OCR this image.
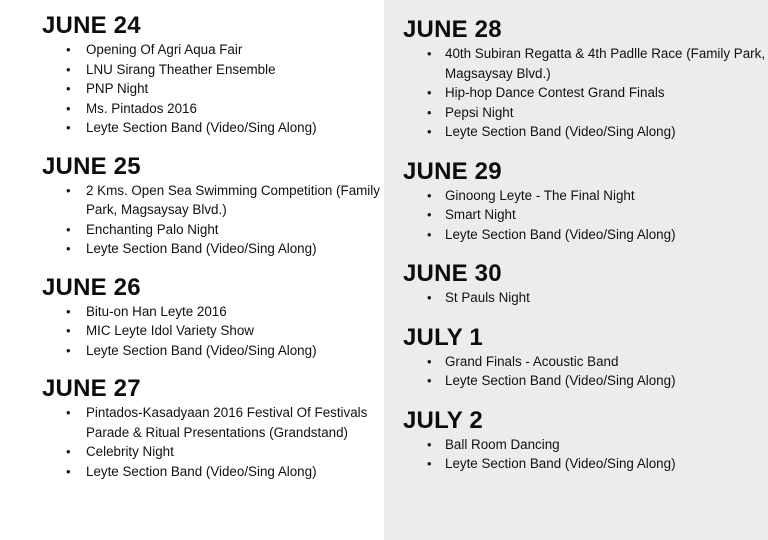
JUNE 24
• Opening Of Agri Aqua Fair
• LNU Sirang Theather Ensemble
• PNP Night
• Ms. Pintados 2016
• Leyte Section Band (Video/Sing Along)
JUNE 25
• 2 Kms. Open Sea Swimming Competition (Family Park, Magsaysay Blvd.)
• Enchanting Palo Night
• Leyte Section Band (Video/Sing Along)
JUNE 26
• Bitu-on Han Leyte 2016
• MIC Leyte Idol Variety Show
• Leyte Section Band (Video/Sing Along)
JUNE 27
• Pintados-Kasadyaan 2016 Festival Of Festivals Parade & Ritual Presentations (Grandstand)
• Celebrity Night
• Leyte Section Band (Video/Sing Along)
JUNE 28
• 40th Subiran Regatta & 4th Padlle Race (Family Park, Magsaysay Blvd.)
• Hip-hop Dance Contest Grand Finals
• Pepsi Night
• Leyte Section Band (Video/Sing Along)
JUNE 29
• Ginoong Leyte - The Final Night
• Smart Night
• Leyte Section Band (Video/Sing Along)
JUNE 30
• St Pauls Night
JULY 1
• Grand Finals - Acoustic Band
• Leyte Section Band (Video/Sing Along)
JULY 2
• Ball Room Dancing
• Leyte Section Band (Video/Sing Along)
